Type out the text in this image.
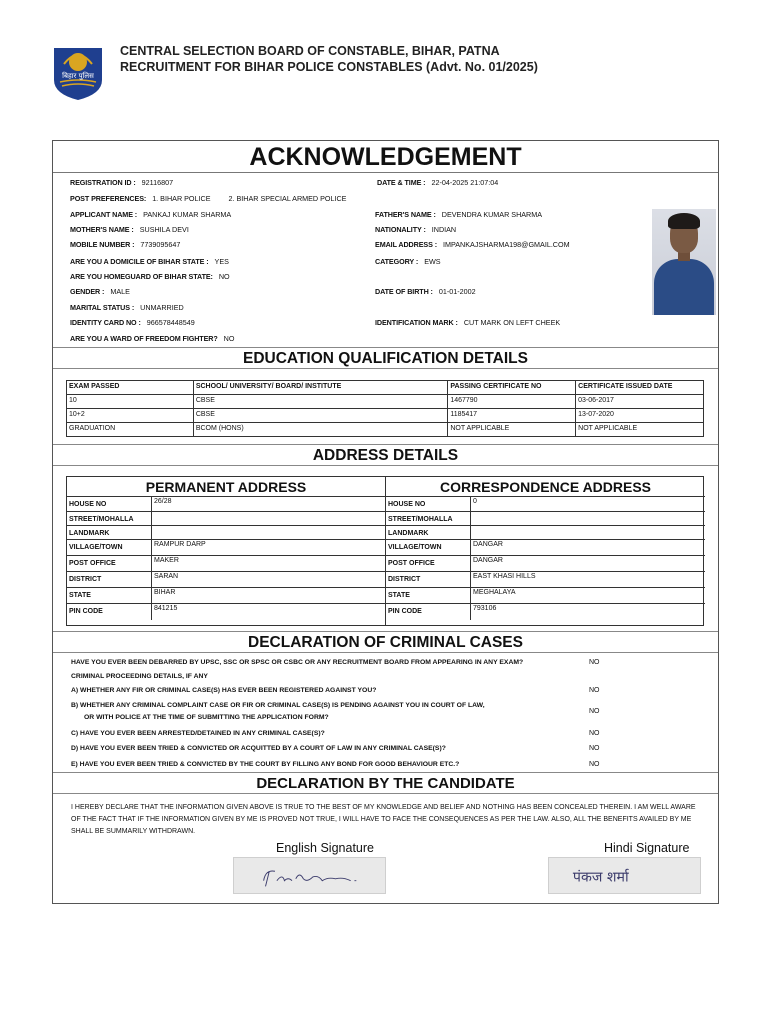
बिहार पुलिस
CENTRAL SELECTION BOARD OF CONSTABLE, BIHAR, PATNA
RECRUITMENT FOR BIHAR POLICE CONSTABLES (Advt. No. 01/2025)
ACKNOWLEDGEMENT
REGISTRATION ID : 92116807	DATE & TIME : 22-04-2025 21:07:04
POST PREFERENCES: 1. BIHAR POLICE	2. BIHAR SPECIAL ARMED POLICE
APPLICANT NAME : PANKAJ KUMAR SHARMA	FATHER'S NAME : DEVENDRA KUMAR SHARMA
MOTHER'S NAME : SUSHILA DEVI	NATIONALITY : INDIAN
MOBILE NUMBER : 7739095647	EMAIL ADDRESS : IMPANKAJSHARMA198@GMAIL.COM
ARE YOU A DOMICILE OF BIHAR STATE : YES	CATEGORY : EWS
ARE YOU HOMEGUARD OF BIHAR STATE: NO
GENDER : MALE	DATE OF BIRTH : 01-01-2002
MARITAL STATUS : UNMARRIED
IDENTITY CARD NO : 966578448549	IDENTIFICATION MARK : CUT MARK ON LEFT CHEEK
ARE YOU A WARD OF FREEDOM FIGHTER? NO
EDUCATION QUALIFICATION DETAILS
EXAM PASSED	SCHOOL/ UNIVERSITY/ BOARD/ INSTITUTE	PASSING CERTIFICATE NO	CERTIFICATE ISSUED DATE
10	CBSE	1467790	03-06-2017
10+2	CBSE	1185417	13-07-2020
GRADUATION	BCOM (HONS)	NOT APPLICABLE	NOT APPLICABLE
ADDRESS DETAILS
PERMANENT ADDRESS
HOUSE NO	26/28
STREET/MOHALLA
LANDMARK
VILLAGE/TOWN	RAMPUR DARP
POST OFFICE	MAKER
DISTRICT	SARAN
STATE	BIHAR
PIN CODE	841215
CORRESPONDENCE ADDRESS
HOUSE NO	0
STREET/MOHALLA
LANDMARK
VILLAGE/TOWN	DANGAR
POST OFFICE	DANGAR
DISTRICT	EAST KHASI HILLS
STATE	MEGHALAYA
PIN CODE	793106
DECLARATION OF CRIMINAL CASES
HAVE YOU EVER BEEN DEBARRED BY UPSC, SSC OR SPSC OR CSBC OR ANY RECRUITMENT BOARD FROM APPEARING IN ANY EXAM?	NO
CRIMINAL PROCEEDING DETAILS, IF ANY
A) WHETHER ANY FIR OR CRIMINAL CASE(S) HAS EVER BEEN REGISTERED AGAINST YOU?	NO
B) WHETHER ANY CRIMINAL COMPLAINT CASE OR FIR OR CRIMINAL CASE(S) IS PENDING AGAINST YOU IN COURT OF LAW,
OR WITH POLICE AT THE TIME OF SUBMITTING THE APPLICATION FORM?
NO
C) HAVE YOU EVER BEEN ARRESTED/DETAINED IN ANY CRIMINAL CASE(S)?	NO
D) HAVE YOU EVER BEEN TRIED & CONVICTED OR ACQUITTED BY A COURT OF LAW IN ANY CRIMINAL CASE(S)?	NO
E) HAVE YOU EVER BEEN TRIED & CONVICTED BY THE COURT BY FILLING ANY BOND FOR GOOD BEHAVIOUR ETC.?	NO
DECLARATION BY THE CANDIDATE
I HEREBY DECLARE THAT THE INFORMATION GIVEN ABOVE IS TRUE TO THE BEST OF MY KNOWLEDGE AND BELIEF AND NOTHING HAS BEEN CONCEALED THEREIN. I AM WELL AWARE OF THE FACT THAT IF THE INFORMATION GIVEN BY ME IS PROVED NOT TRUE, I WILL HAVE TO FACE THE CONSEQUENCES AS PER THE LAW. ALSO, ALL THE BENEFITS AVAILED BY ME SHALL BE SUMMARILY WITHDRAWN.
English Signature	Hindi Signature
पंकज शर्मा
